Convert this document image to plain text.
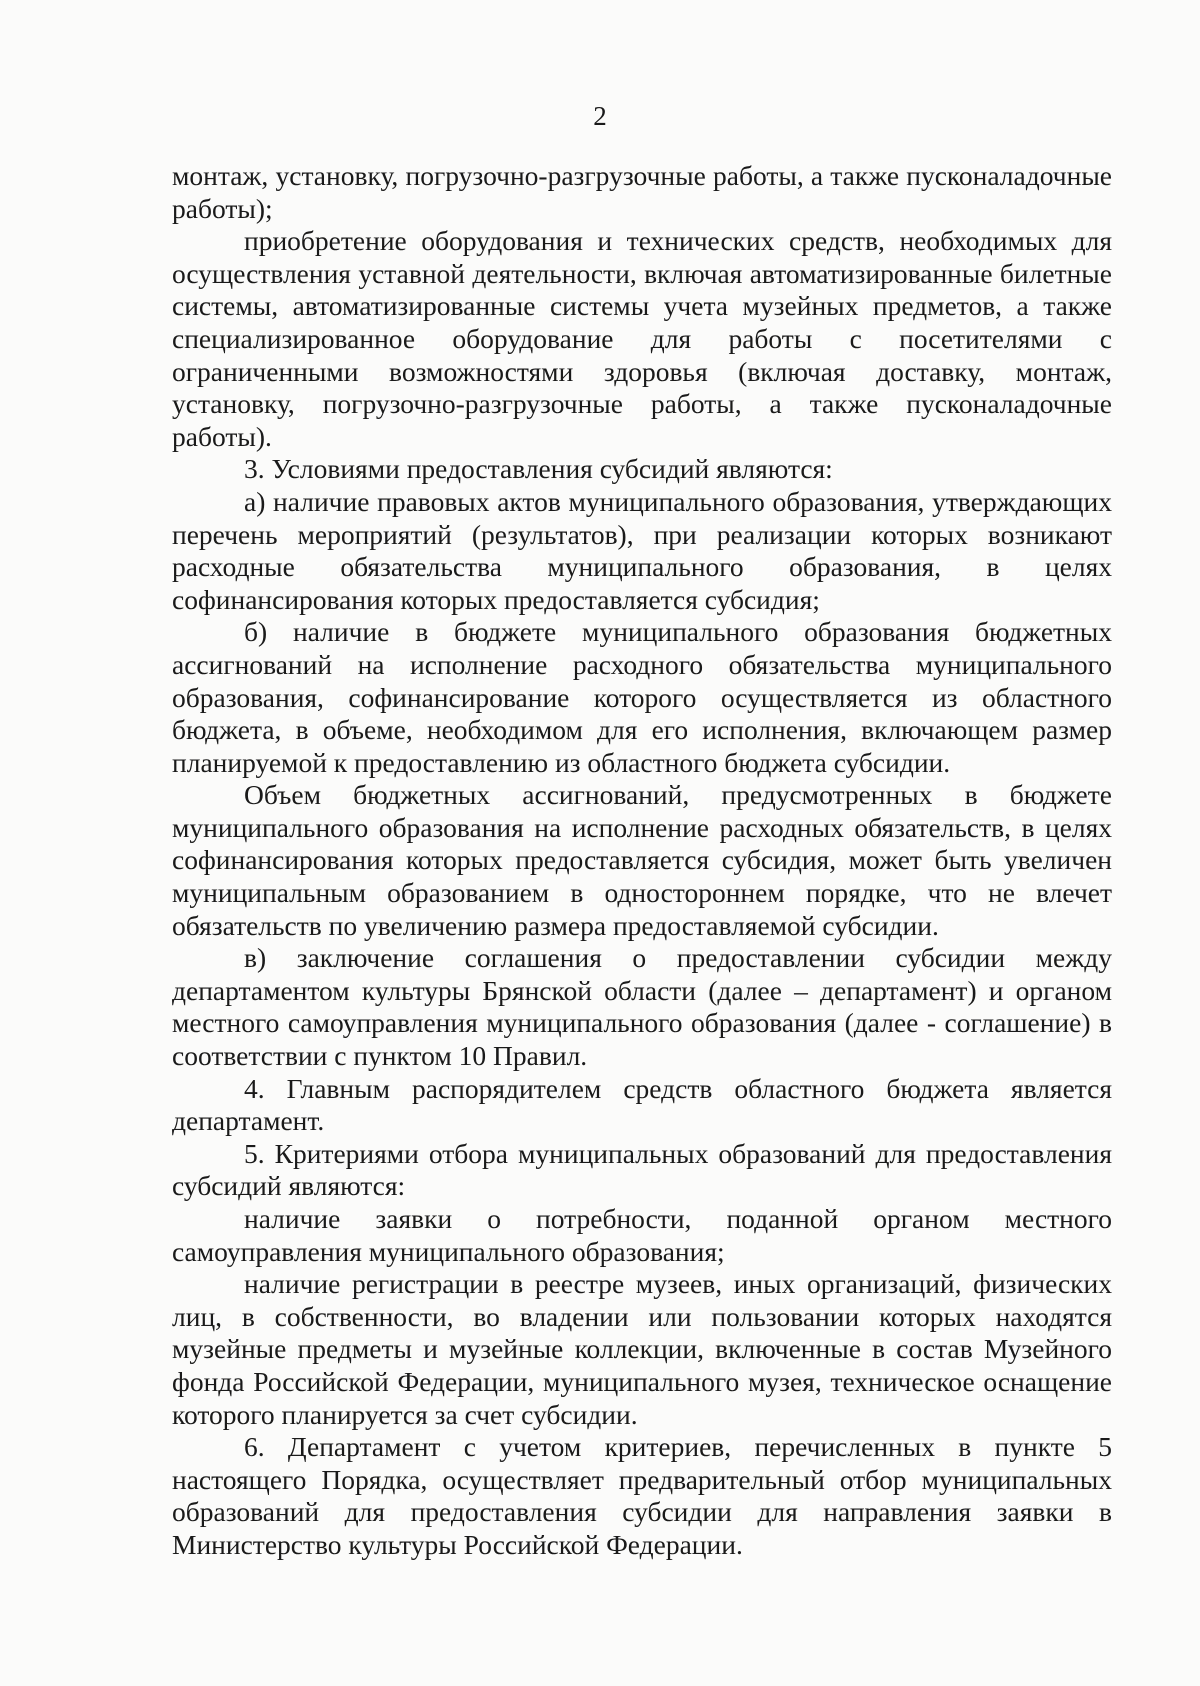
2

монтаж, установку, погрузочно-разгрузочные работы, а также пусконаладочные работы);

приобретение оборудования и технических средств, необходимых для осуществления уставной деятельности, включая автоматизированные билетные системы, автоматизированные системы учета музейных предметов, а также специализированное оборудование для работы с посетителями с ограниченными возможностями здоровья (включая доставку, монтаж, установку, погрузочно-разгрузочные работы, а также пусконаладочные работы).

3. Условиями предоставления субсидий являются:

а) наличие правовых актов муниципального образования, утверждающих перечень мероприятий (результатов), при реализации которых возникают расходные обязательства муниципального образования, в целях софинансирования которых предоставляется субсидия;

б) наличие в бюджете муниципального образования бюджетных ассигнований на исполнение расходного обязательства муниципального образования, софинансирование которого осуществляется из областного бюджета, в объеме, необходимом для его исполнения, включающем размер планируемой к предоставлению из областного бюджета субсидии.

Объем бюджетных ассигнований, предусмотренных в бюджете муниципального образования на исполнение расходных обязательств, в целях софинансирования которых предоставляется субсидия, может быть увеличен муниципальным образованием в одностороннем порядке, что не влечет обязательств по увеличению размера предоставляемой субсидии.

в) заключение соглашения о предоставлении субсидии между департаментом культуры Брянской области (далее – департамент) и органом местного самоуправления муниципального образования (далее - соглашение) в соответствии с пунктом 10 Правил.

4. Главным распорядителем средств областного бюджета является департамент.

5. Критериями отбора муниципальных образований для предоставления субсидий являются:

наличие заявки о потребности, поданной органом местного самоуправления муниципального образования;

наличие регистрации в реестре музеев, иных организаций, физических лиц, в собственности, во владении или пользовании которых находятся музейные предметы и музейные коллекции, включенные в состав Музейного фонда Российской Федерации, муниципального музея, техническое оснащение которого планируется за счет субсидии.

6. Департамент с учетом критериев, перечисленных в пункте 5 настоящего Порядка, осуществляет предварительный отбор муниципальных образований для предоставления субсидии для направления заявки в Министерство культуры Российской Федерации.
